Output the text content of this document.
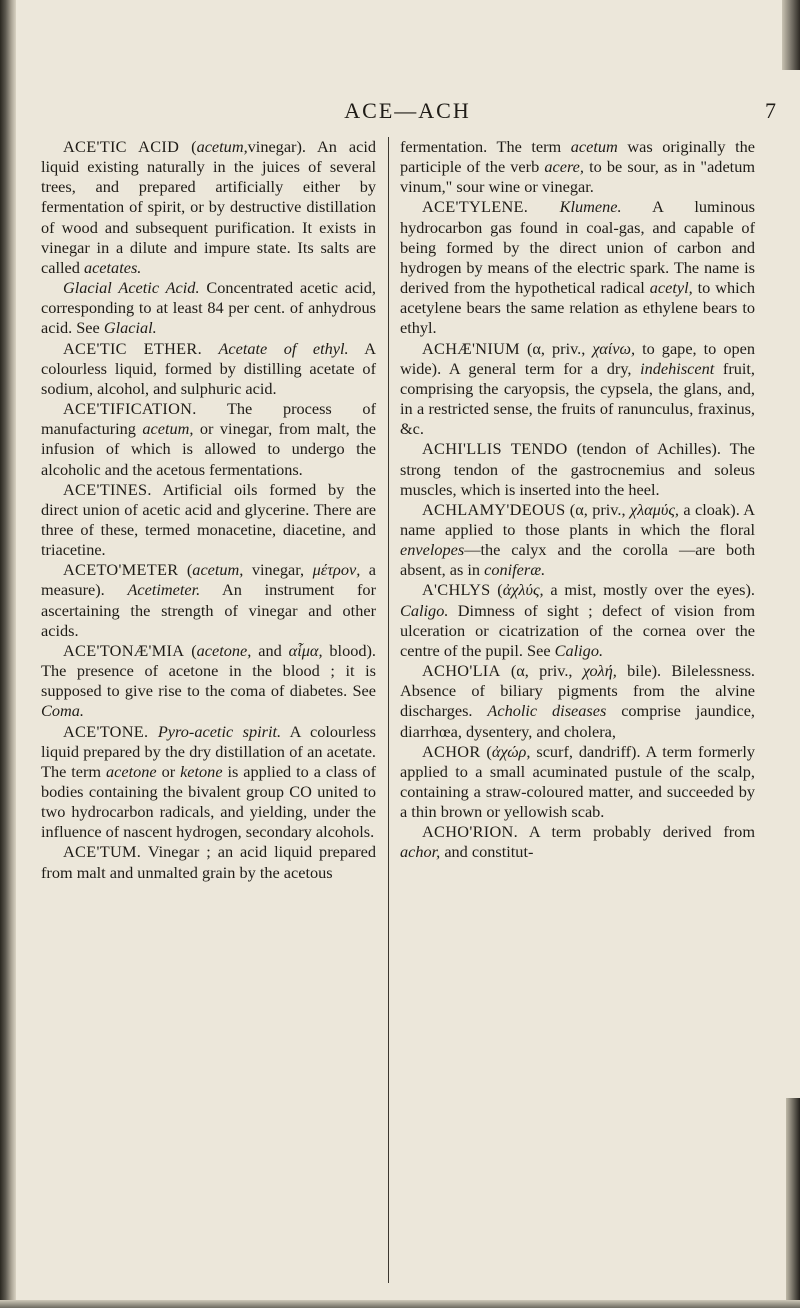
ACE—ACH	7

ACE'TIC ACID (acetum,vinegar). An acid liquid existing naturally in the juices of several trees, and prepared artificially either by fermentation of spirit, or by destructive distillation of wood and subsequent purification. It exists in vinegar in a dilute and impure state. Its salts are called acetates.

Glacial Acetic Acid. Concentrated acetic acid, corresponding to at least 84 per cent. of anhydrous acid. See Glacial.

ACE'TIC ETHER. Acetate of ethyl. A colourless liquid, formed by distilling acetate of sodium, alcohol, and sulphuric acid.

ACE'TIFICATION. The process of manufacturing acetum, or vinegar, from malt, the infusion of which is allowed to undergo the alcoholic and the acetous fermentations.

ACE'TINES. Artificial oils formed by the direct union of acetic acid and glycerine. There are three of these, termed monacetine, diacetine, and triacetine.

ACETO'METER (acetum, vinegar, μέτρον, a measure). Acetimeter. An instrument for ascertaining the strength of vinegar and other acids.

ACE'TONÆ'MIA (acetone, and αἷμα, blood). The presence of acetone in the blood ; it is supposed to give rise to the coma of diabetes. See Coma.

ACE'TONE. Pyro-acetic spirit. A colourless liquid prepared by the dry distillation of an acetate. The term acetone or ketone is applied to a class of bodies containing the bivalent group CO united to two hydrocarbon radicals, and yielding, under the influence of nascent hydrogen, secondary alcohols.

ACE'TUM. Vinegar ; an acid liquid prepared from malt and unmalted grain by the acetous

fermentation. The term acetum was originally the participle of the verb acere, to be sour, as in "adetum vinum," sour wine or vinegar.

ACE'TYLENE. Klumene. A luminous hydrocarbon gas found in coal-gas, and capable of being formed by the direct union of carbon and hydrogen by means of the electric spark. The name is derived from the hypothetical radical acetyl, to which acetylene bears the same relation as ethylene bears to ethyl.

ACHÆ'NIUM (α, priv., χαίνω, to gape, to open wide). A general term for a dry, indehiscent fruit, comprising the caryopsis, the cypsela, the glans, and, in a restricted sense, the fruits of ranunculus, fraxinus, &c.

ACHI'LLIS TENDO (tendon of Achilles). The strong tendon of the gastrocnemius and soleus muscles, which is inserted into the heel.

ACHLAMY'DEOUS (α, priv., χλαμύς, a cloak). A name applied to those plants in which the floral envelopes—the calyx and the corolla —are both absent, as in coniferæ.

A'CHLYS (ἀχλύς, a mist, mostly over the eyes). Caligo. Dimness of sight ; defect of vision from ulceration or cicatrization of the cornea over the centre of the pupil. See Caligo.

ACHO'LIA (α, priv., χολή, bile). Bilelessness. Absence of biliary pigments from the alvine discharges. Acholic diseases comprise jaundice, diarrhœa, dysentery, and cholera,

ACHOR (ἀχώρ, scurf, dandriff). A term formerly applied to a small acuminated pustule of the scalp, containing a straw-coloured matter, and succeeded by a thin brown or yellowish scab.

ACHO'RION. A term probably derived from achor, and constitut-
